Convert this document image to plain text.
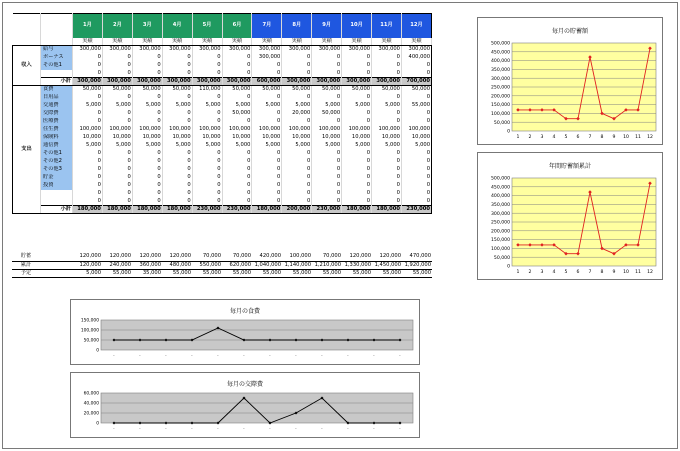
		1月	2月	3月	4月	5月	6月	7月	8月	9月	10月	11月	12月
		実績	実績	実績	実績	実績	実績	実績	実績	実績	実績	実績	実績
収入	給与	300,000	300,000	300,000	300,000	300,000	300,000	300,000	300,000	300,000	300,000	300,000	300,000
	ボーナス	0	0	0	0	0	0	300,000	0	0	0	0	400,000
	その他1	0	0	0	0	0	0	0	0	0	0	0	0
		0	0	0	0	0	0	0	0	0	0	0	0
	小計	300,000	300,000	300,000	300,000	300,000	300,000	600,000	300,000	300,000	300,000	300,000	700,000
支出	食費	50,000	50,000	50,000	50,000	110,000	50,000	50,000	50,000	50,000	50,000	50,000	50,000
	日用品	0	0	0	0	0	0	0	0	0	0	0	0
	交通費	5,000	5,000	5,000	5,000	5,000	5,000	5,000	5,000	5,000	5,000	5,000	55,000
	交際費	0	0	0	0	0	50,000	0	20,000	50,000	0	0	0
	医療費	0	0	0	0	0	0	0	0	0	0	0	0
	住生費	100,000	100,000	100,000	100,000	100,000	100,000	100,000	100,000	100,000	100,000	100,000	100,000
	保険料	10,000	10,000	10,000	10,000	10,000	10,000	10,000	10,000	10,000	10,000	10,000	10,000
	通信費	5,000	5,000	5,000	5,000	5,000	5,000	5,000	5,000	5,000	5,000	5,000	5,000
	その他1	0	0	0	0	0	0	0	0	0	0	0	0
	その他2	0	0	0	0	0	0	0	0	0	0	0	0
	その他3	0	0	0	0	0	0	0	0	0	0	0	0
	貯金	0	0	0	0	0	0	0	0	0	0	0	0
	投資	0	0	0	0	0	0	0	0	0	0	0	0
		0	0	0	0	0	0	0	0	0	0	0	0
		0	0	0	0	0	0	0	0	0	0	0	0
	小計	180,000	180,000	180,000	180,000	230,000	230,000	180,000	200,000	230,000	180,000	180,000	230,000
貯蓄		120,000	120,000	120,000	120,000	70,000	70,000	420,000	100,000	70,000	120,000	120,000	470,000
累計		120,000	240,000	360,000	480,000	550,000	620,000	1,040,000	1,140,000	1,210,000	1,330,000	1,450,000	1,920,000
予定		5,000	55,000	35,000	55,000	55,000	55,000	55,000	55,000	55,000	55,000	55,000	55,000
毎月の貯蓄額
0
50,000
100,000
150,000
200,000
250,000
300,000
350,000
400,000
450,000
500,000
1 2 3 4 5 6 7 8 9 10 11 12
年間貯蓄額累計
0
50,000
100,000
150,000
200,000
250,000
300,000
350,000
400,000
450,000
500,000
1 2 3 4 5 6 7 8 9 10 11 12
毎月の食費
0
50,000
100,000
150,000
·	·	·	·	·	·	·	·	·	·	·	·
毎月の交際費
0
20,000
40,000
60,000
·	·	·	·	·	·	·	·	·	·	·	·
